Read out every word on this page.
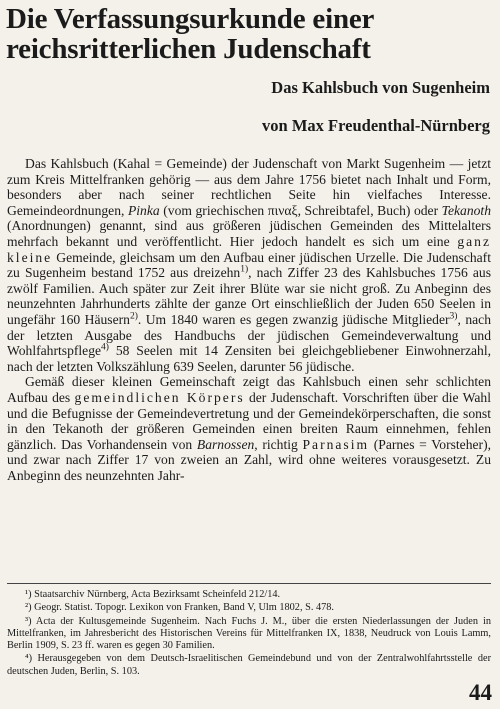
Die Verfassungsurkunde einer
reichsritterlichen Judenschaft

Das Kahlsbuch von Sugenheim

von Max Freudenthal-Nürnberg

Das Kahlsbuch (Kahal = Gemeinde) der Judenschaft von Markt Sugenheim — jetzt zum Kreis Mittelfranken gehörig — aus dem Jahre 1756 bietet nach Inhalt und Form, besonders aber nach seiner rechtlichen Seite hin vielfaches Interesse. Gemeindeordnungen, Pinka (vom griechischen πιναξ, Schreibtafel, Buch) oder Tekanoth (Anordnungen) genannt, sind aus größeren jüdischen Gemeinden des Mittelalters mehrfach bekannt und veröffentlicht. Hier jedoch handelt es sich um eine ganz kleine Gemeinde, gleichsam um den Aufbau einer jüdischen Urzelle. Die Judenschaft zu Sugenheim bestand 1752 aus dreizehn$^{1)}$, nach Ziffer 23 des Kahlsbuches 1756 aus zwölf Familien. Auch später zur Zeit ihrer Blüte war sie nicht groß. Zu Anbeginn des neunzehnten Jahrhunderts zählte der ganze Ort einschließlich der Juden 650 Seelen in ungefähr 160 Häusern$^{2)}$. Um 1840 waren es gegen zwanzig jüdische Mitglieder$^{3)}$, nach der letzten Ausgabe des Handbuchs der jüdischen Gemeindeverwaltung und Wohlfahrtspflege$^{4)}$ 58 Seelen mit 14 Zensiten bei gleichgebliebener Einwohnerzahl, nach der letzten Volkszählung 639 Seelen, darunter 56 jüdische.

Gemäß dieser kleinen Gemeinschaft zeigt das Kahlsbuch einen sehr schlichten Aufbau des gemeindlichen Körpers der Judenschaft. Vorschriften über die Wahl und die Befugnisse der Gemeindevertretung und der Gemeindekörperschaften, die sonst in den Tekanoth der größeren Gemeinden einen breiten Raum einnehmen, fehlen gänzlich. Das Vorhandensein von Barnossen, richtig Parnasim (Parnes = Vorsteher), und zwar nach Ziffer 17 von zweien an Zahl, wird ohne weiteres vorausgesetzt. Zu Anbeginn des neunzehnten Jahr-

¹) Staatsarchiv Nürnberg, Acta Bezirksamt Scheinfeld 212/14.

²) Geogr. Statist. Topogr. Lexikon von Franken, Band V, Ulm 1802, S. 478.

³) Acta der Kultusgemeinde Sugenheim. Nach Fuchs J. M., über die ersten Niederlassungen der Juden in Mittelfranken, im Jahresbericht des Historischen Vereins für Mittelfranken IX, 1838, Neudruck von Louis Lamm, Berlin 1909, S. 23 ff. waren es gegen 30 Familien.

⁴) Herausgegeben von dem Deutsch-Israelitischen Gemeindebund und von der Zentralwohlfahrtsstelle der deutschen Juden, Berlin, S. 103.

44
